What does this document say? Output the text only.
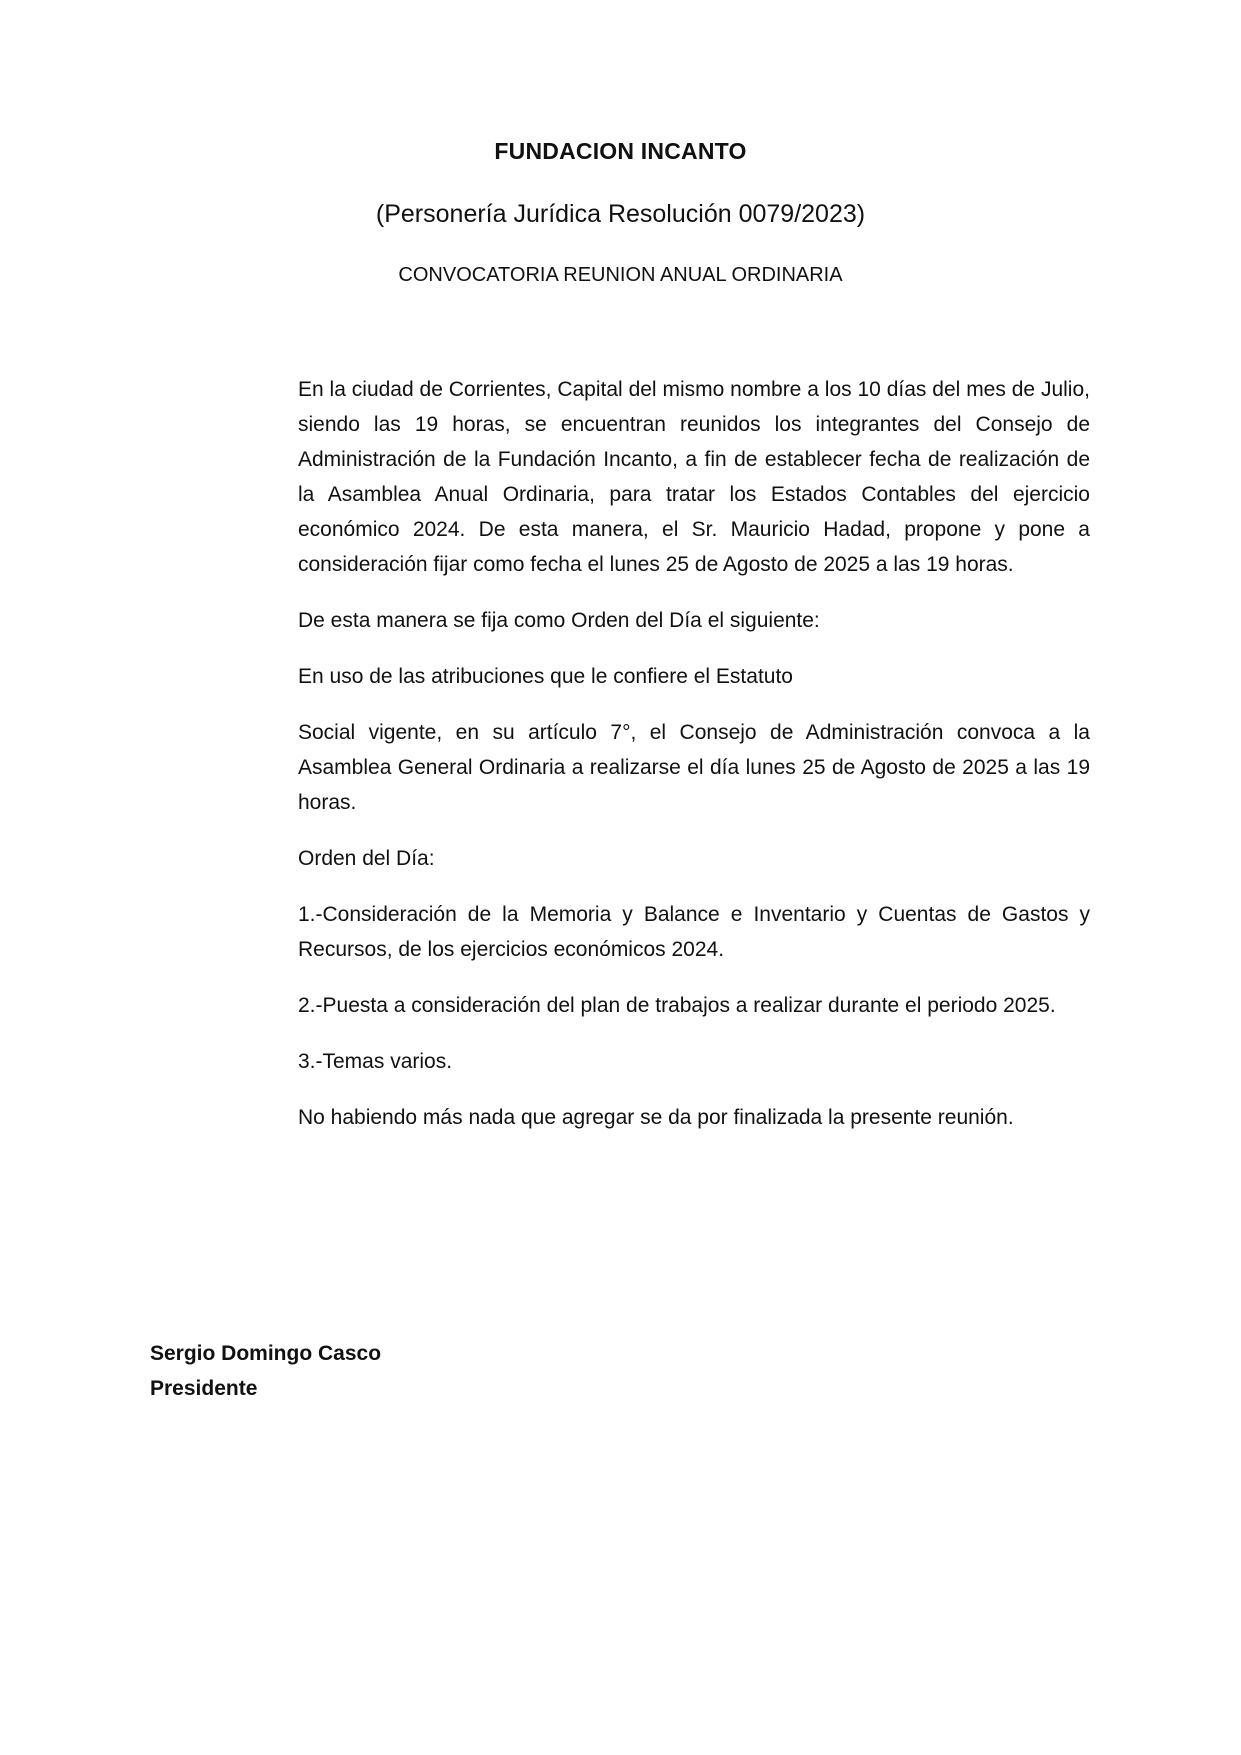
FUNDACION INCANTO
(Personería Jurídica Resolución 0079/2023)
CONVOCATORIA REUNION ANUAL ORDINARIA

En la ciudad de Corrientes, Capital del mismo nombre a los 10 días del mes de Julio, siendo las 19 horas, se encuentran reunidos los integrantes del Consejo de Administración de la Fundación Incanto, a fin de establecer fecha de realización de la Asamblea Anual Ordinaria, para tratar los Estados Contables del ejercicio económico 2024. De esta manera, el Sr. Mauricio Hadad, propone y pone a consideración fijar como fecha el lunes 25 de Agosto de 2025 a las 19 horas.

De esta manera se fija como Orden del Día el siguiente:

En uso de las atribuciones que le confiere el Estatuto

Social vigente, en su artículo 7°, el Consejo de Administración convoca a la Asamblea General Ordinaria a realizarse el día lunes 25 de Agosto de 2025 a las 19 horas.

Orden del Día:

1.-Consideración de la Memoria y Balance e Inventario y Cuentas de Gastos y Recursos, de los ejercicios económicos 2024.

2.-Puesta a consideración del plan de trabajos a realizar durante el periodo 2025.

3.-Temas varios.

No habiendo más nada que agregar se da por finalizada la presente reunión.

Sergio Domingo Casco
Presidente
